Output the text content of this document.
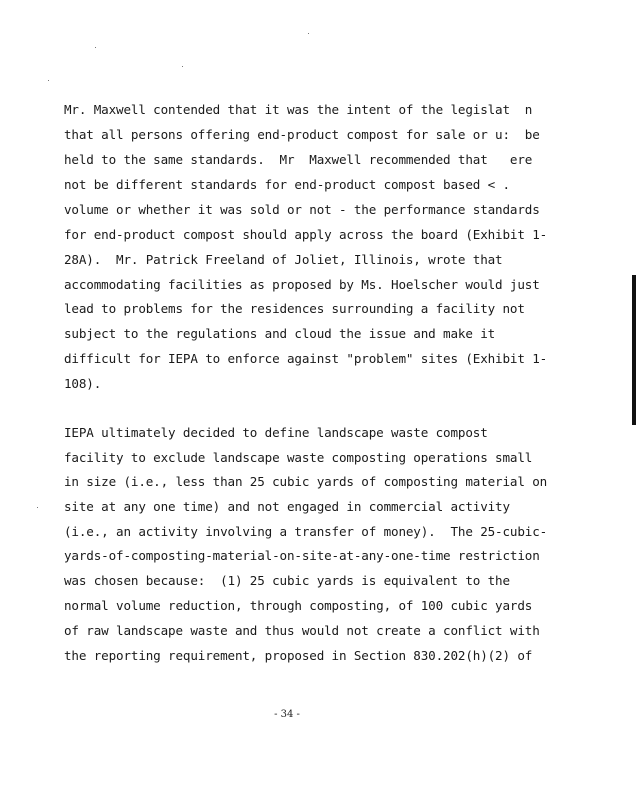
Mr. Maxwell contended that it was the intent of the legislat  n
that all persons offering end-product compost for sale or u:  be
held to the same standards.  Mr  Maxwell recommended that   ere
not be different standards for end-product compost based < .
volume or whether it was sold or not - the performance standards
for end-product compost should apply across the board (Exhibit 1-
28A).  Mr. Patrick Freeland of Joliet, Illinois, wrote that
accommodating facilities as proposed by Ms. Hoelscher would just
lead to problems for the residences surrounding a facility not
subject to the regulations and cloud the issue and make it
difficult for IEPA to enforce against "problem" sites (Exhibit 1-
108).
IEPA ultimately decided to define landscape waste compost
facility to exclude landscape waste composting operations small
in size (i.e., less than 25 cubic yards of composting material on
site at any one time) and not engaged in commercial activity
(i.e., an activity involving a transfer of money).  The 25-cubic-
yards-of-composting-material-on-site-at-any-one-time restriction
was chosen because:  (1) 25 cubic yards is equivalent to the
normal volume reduction, through composting, of 100 cubic yards
of raw landscape waste and thus would not create a conflict with
the reporting requirement, proposed in Section 830.202(h)(2) of
- 34 -
